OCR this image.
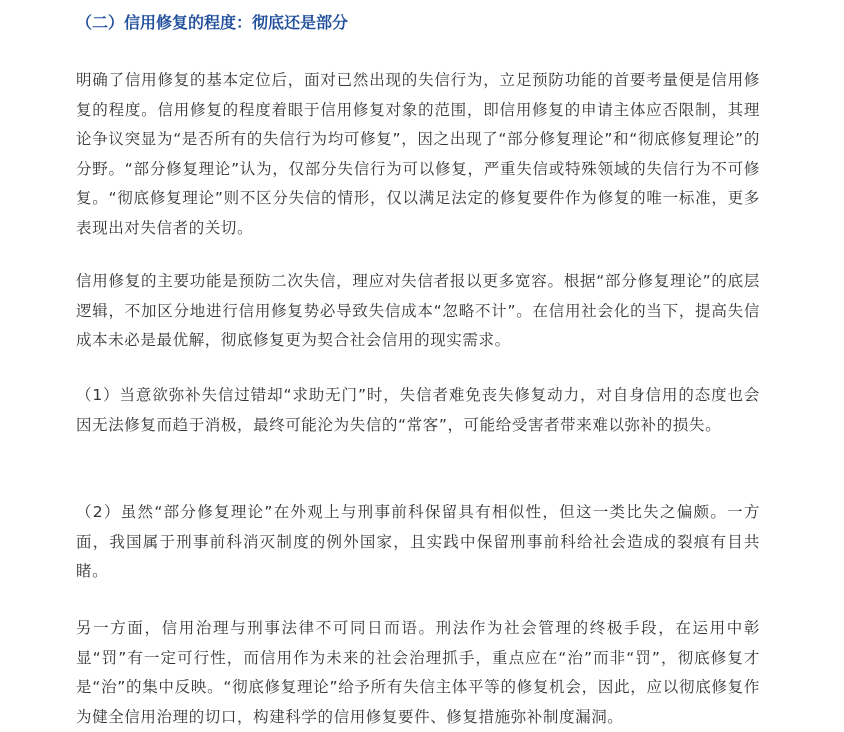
（二）信用修复的程度：彻底还是部分

明确了信用修复的基本定位后，面对已然出现的失信行为，立足预防功能的首要考量便是信用修复的程度。信用修复的程度着眼于信用修复对象的范围，即信用修复的申请主体应否限制，其理论争议突显为“是否所有的失信行为均可修复”，因之出现了“部分修复理论”和“彻底修复理论”的分野。“部分修复理论”认为，仅部分失信行为可以修复，严重失信或特殊领域的失信行为不可修复。“彻底修复理论”则不区分失信的情形，仅以满足法定的修复要件作为修复的唯一标准，更多表现出对失信者的关切。

信用修复的主要功能是预防二次失信，理应对失信者报以更多宽容。根据“部分修复理论”的底层逻辑，不加区分地进行信用修复势必导致失信成本“忽略不计”。在信用社会化的当下，提高失信成本未必是最优解，彻底修复更为契合社会信用的现实需求。

（1）当意欲弥补失信过错却“求助无门”时，失信者难免丧失修复动力，对自身信用的态度也会因无法修复而趋于消极，最终可能沦为失信的“常客”，可能给受害者带来难以弥补的损失。

（2）虽然“部分修复理论”在外观上与刑事前科保留具有相似性，但这一类比失之偏颇。一方面，我国属于刑事前科消灭制度的例外国家，且实践中保留刑事前科给社会造成的裂痕有目共睹。

另一方面，信用治理与刑事法律不可同日而语。刑法作为社会管理的终极手段，在运用中彰显“罚”有一定可行性，而信用作为未来的社会治理抓手，重点应在“治”而非“罚”，彻底修复才是“治”的集中反映。“彻底修复理论”给予所有失信主体平等的修复机会，因此，应以彻底修复作为健全信用治理的切口，构建科学的信用修复要件、修复措施弥补制度漏洞。
